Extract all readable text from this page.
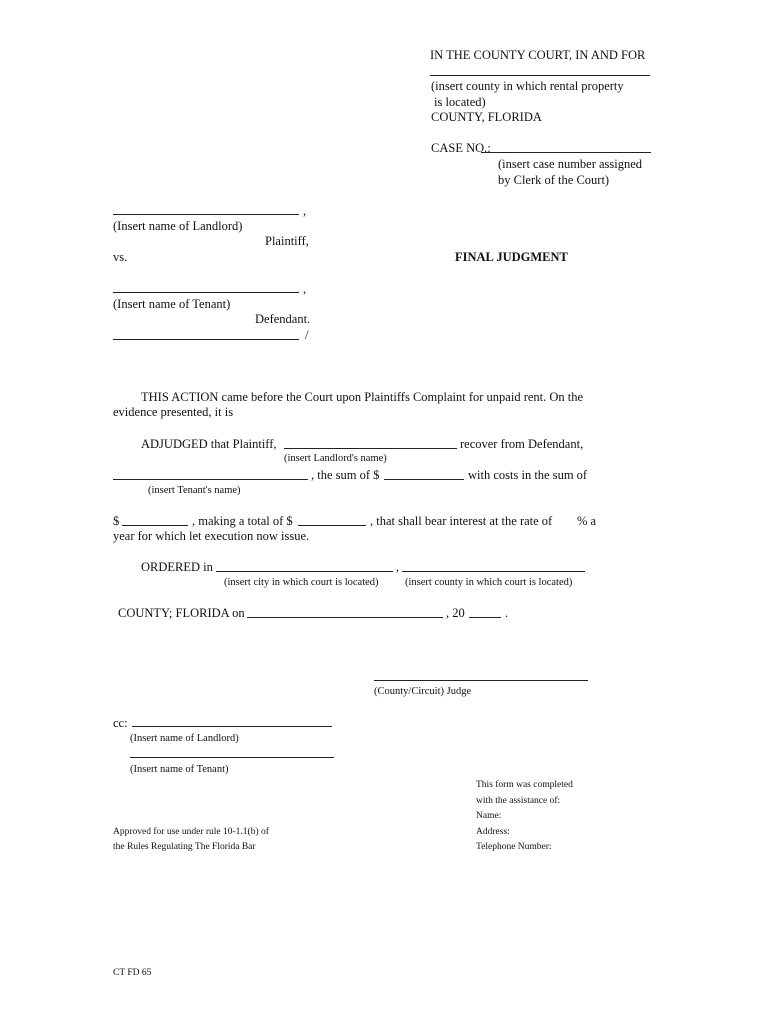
IN THE COUNTY COURT, IN AND FOR
(insert county in which rental property
is located)
COUNTY, FLORIDA
CASE NO.:
(insert case number assigned
by Clerk of the Court)
,
(Insert name of Landlord)
Plaintiff,
vs.	FINAL JUDGMENT
,
(Insert name of Tenant)
Defendant.
/
THIS ACTION came before the Court upon Plaintiffs Complaint for unpaid rent. On the
evidence presented, it is
ADJUDGED that Plaintiff,	recover from Defendant,
(insert Landlord's name)
, the sum of $	with costs in the sum of
(insert Tenant's name)
$	, making a total of $	, that shall bear interest at the rate of % a
year for which let execution now issue.
ORDERED in	,
(insert city in which court is located)	(insert county in which court is located)
COUNTY; FLORIDA on	, 20	.
(County/Circuit) Judge
cc:
(Insert name of Landlord)
(Insert name of Tenant)
This form was completed
with the assistance of:
Name:
Address:
Telephone Number:
Approved for use under rule 10-1.1(b) of
the Rules Regulating The Florida Bar
CT FD 65
